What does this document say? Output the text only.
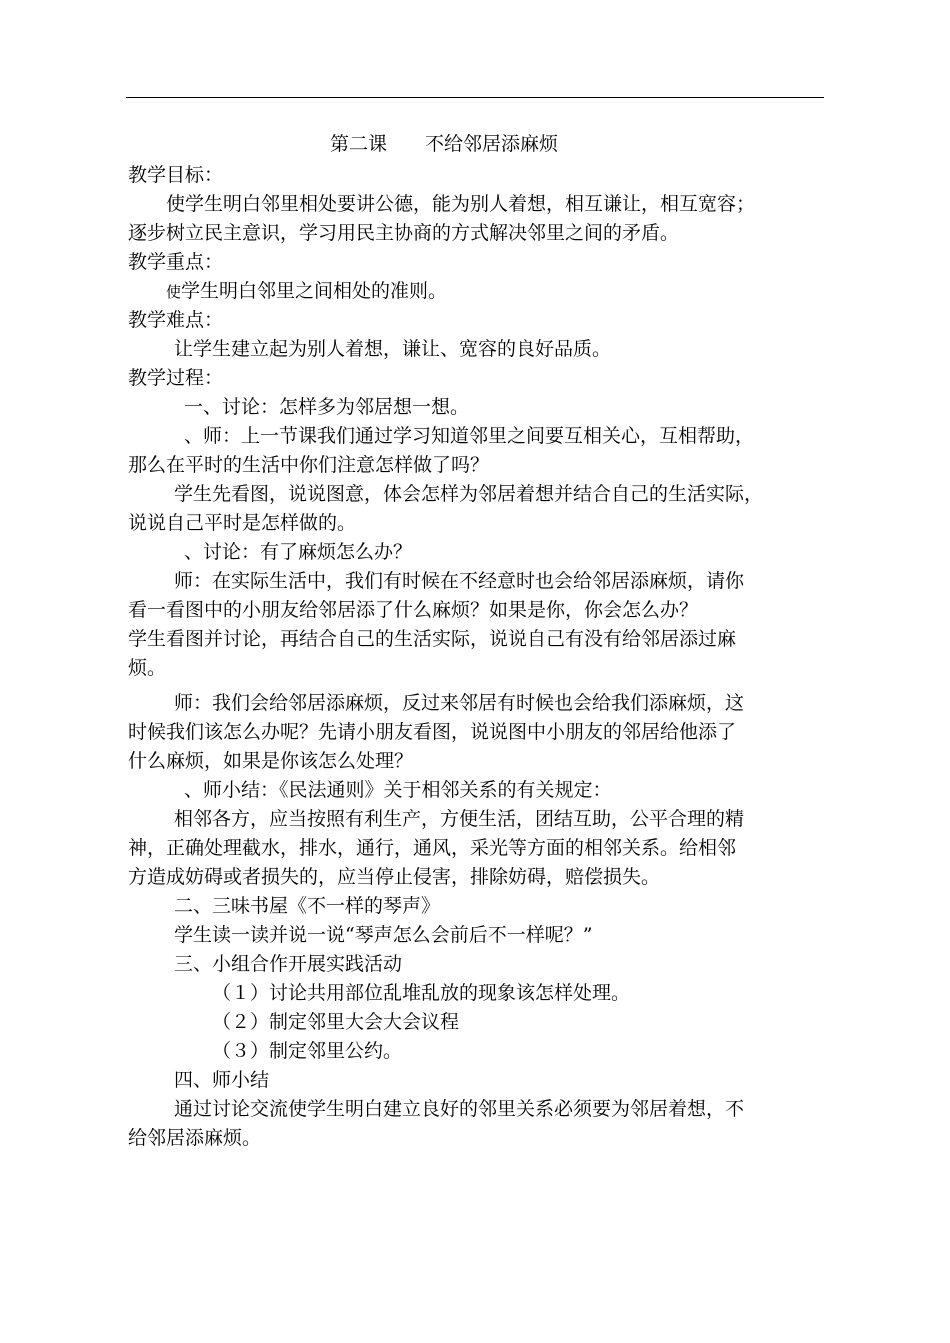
第二课　　不给邻居添麻烦
教学目标：
使学生明白邻里相处要讲公德，能为别人着想，相互谦让，相互宽容；
逐步树立民主意识，学习用民主协商的方式解决邻里之间的矛盾。
教学重点：
使学生明白邻里之间相处的准则。
教学难点：
让学生建立起为别人着想，谦让、宽容的良好品质。
教学过程：
一、讨论：怎样多为邻居想一想。
、师：上一节课我们通过学习知道邻里之间要互相关心，互相帮助，
那么在平时的生活中你们注意怎样做了吗？
学生先看图，说说图意，体会怎样为邻居着想并结合自己的生活实际，
说说自己平时是怎样做的。
、讨论：有了麻烦怎么办？
师：在实际生活中，我们有时候在不经意时也会给邻居添麻烦，请你
看一看图中的小朋友给邻居添了什么麻烦？如果是你，你会怎么办？
学生看图并讨论，再结合自己的生活实际，说说自己有没有给邻居添过麻
烦。
师：我们会给邻居添麻烦，反过来邻居有时候也会给我们添麻烦，这
时候我们该怎么办呢？先请小朋友看图，说说图中小朋友的邻居给他添了
什么麻烦，如果是你该怎么处理？
、师小结：《民法通则》关于相邻关系的有关规定：
相邻各方，应当按照有利生产，方便生活，团结互助，公平合理的精
神，正确处理截水，排水，通行，通风，采光等方面的相邻关系。给相邻
方造成妨碍或者损失的，应当停止侵害，排除妨碍，赔偿损失。
二、三味书屋《不一样的琴声》
学生读一读并说一说“琴声怎么会前后不一样呢？”
三、小组合作开展实践活动
（１）讨论共用部位乱堆乱放的现象该怎样处理。
（２）制定邻里大会大会议程
（３）制定邻里公约。
四、师小结
通过讨论交流使学生明白建立良好的邻里关系必须要为邻居着想，不
给邻居添麻烦。
